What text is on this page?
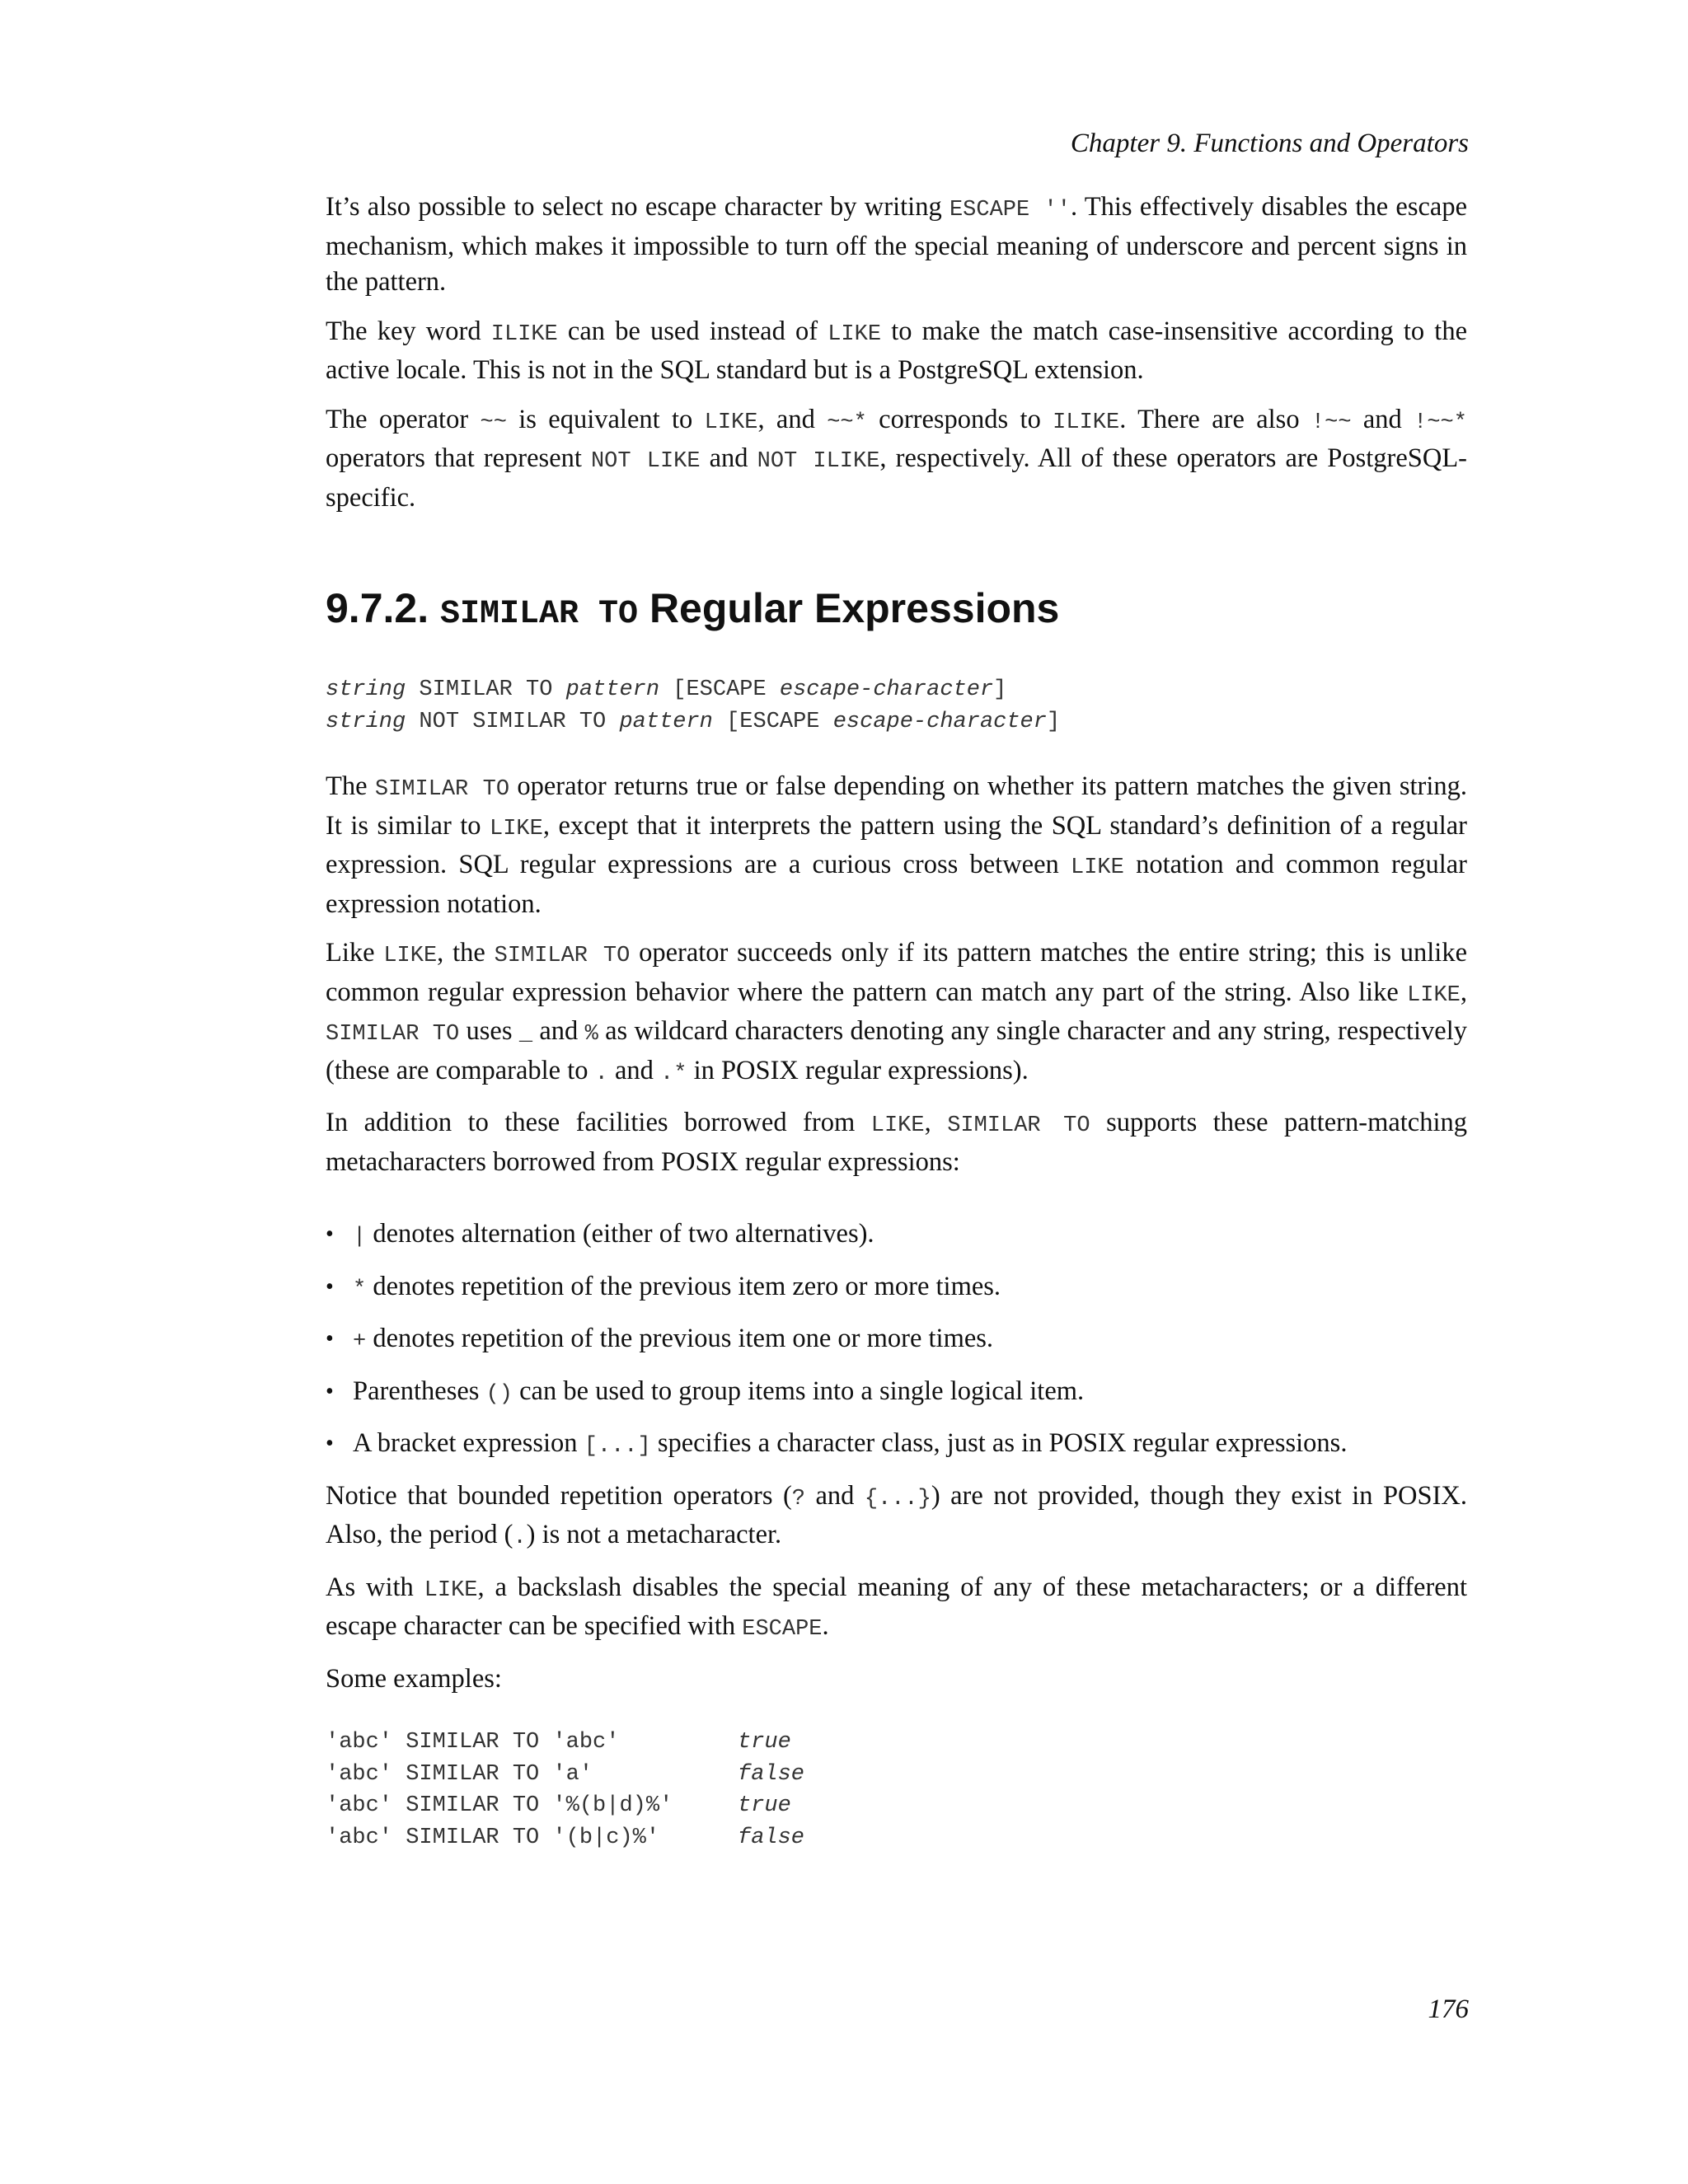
Chapter 9. Functions and Operators

It’s also possible to select no escape character by writing ESCAPE ''. This effectively disables the escape mechanism, which makes it impossible to turn off the special meaning of underscore and percent signs in the pattern.

The key word ILIKE can be used instead of LIKE to make the match case-insensitive according to the active locale. This is not in the SQL standard but is a PostgreSQL extension.

The operator ~~ is equivalent to LIKE, and ~~* corresponds to ILIKE. There are also !~~ and !~~* operators that represent NOT LIKE and NOT ILIKE, respectively. All of these operators are PostgreSQL-specific.

9.7.2. SIMILAR TO Regular Expressions
string SIMILAR TO pattern [ESCAPE escape-character]
string NOT SIMILAR TO pattern [ESCAPE escape-character]

The SIMILAR TO operator returns true or false depending on whether its pattern matches the given string. It is similar to LIKE, except that it interprets the pattern using the SQL standard’s definition of a regular expression. SQL regular expressions are a curious cross between LIKE notation and common regular expression notation.

Like LIKE, the SIMILAR TO operator succeeds only if its pattern matches the entire string; this is unlike common regular expression behavior where the pattern can match any part of the string. Also like LIKE, SIMILAR TO uses _ and % as wildcard characters denoting any single character and any string, respectively (these are comparable to . and .* in POSIX regular expressions).

In addition to these facilities borrowed from LIKE, SIMILAR TO supports these pattern-matching metacharacters borrowed from POSIX regular expressions:

• | denotes alternation (either of two alternatives).
• * denotes repetition of the previous item zero or more times.
• + denotes repetition of the previous item one or more times.
• Parentheses () can be used to group items into a single logical item.
• A bracket expression [...] specifies a character class, just as in POSIX regular expressions.

Notice that bounded repetition operators (? and {...}) are not provided, though they exist in POSIX. Also, the period (.) is not a metacharacter.

As with LIKE, a backslash disables the special meaning of any of these metacharacters; or a different escape character can be specified with ESCAPE.

Some examples:

'abc' SIMILAR TO 'abc'	true
'abc' SIMILAR TO 'a'	false
'abc' SIMILAR TO '%(b|d)%'	true
'abc' SIMILAR TO '(b|c)%'	false

176
